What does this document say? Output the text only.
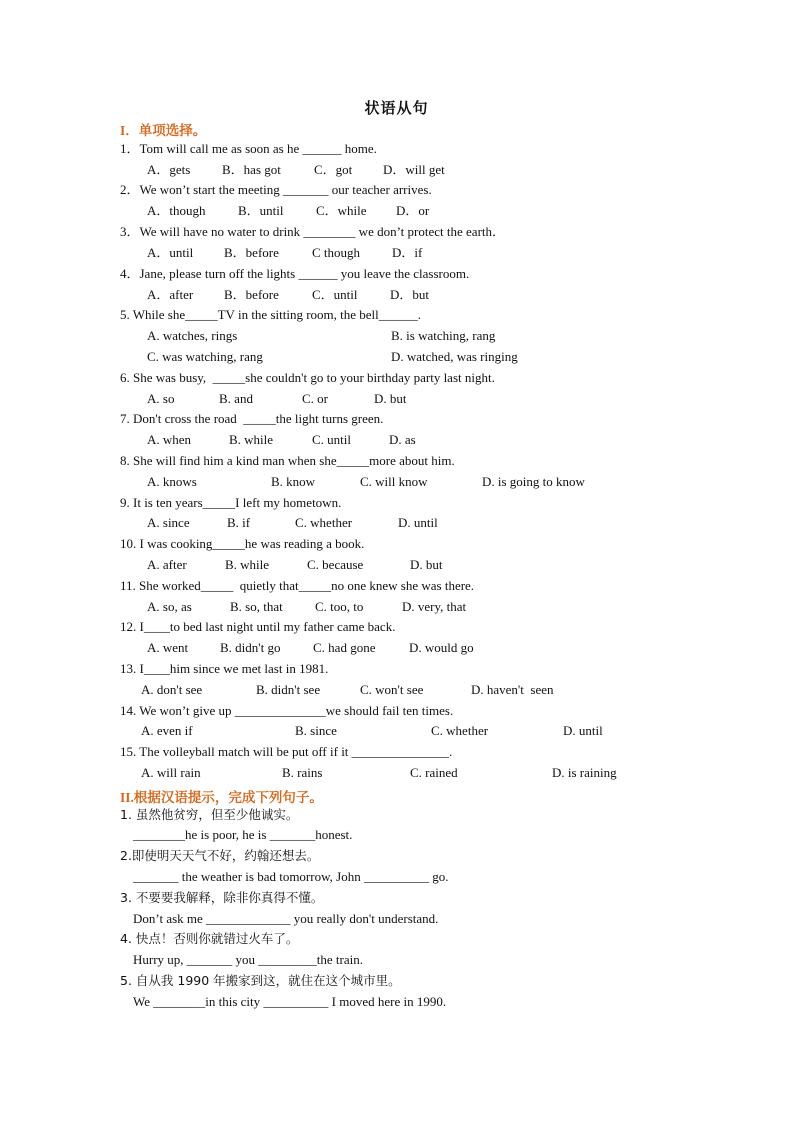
状语从句
I．单项选择。
1．Tom will call me as soon as he ______ home.
A．gets B．has got	C．got D．will get
2．We won’t start the meeting _______ our teacher arrives.
A．though B．until C．while D．or
3．We will have no water to drink ________ we don’t protect the earth．
A．until B．before	C though D．if
4．Jane, please turn off the lights ______ you leave the classroom.
A．after B．before	C．until D．but
5. While she_____TV in the sitting room, the bell______.
A. watches, rings	B. is watching, rang
C. was watching, rang	D. watched, was ringing
6. She was busy,  _____she couldn't go to your birthday party last night.
A. so	B. and	C. or	D. but
7. Don't cross the road  _____the light turns green.
A. when	B. while	C. until	D. as
8. She will find him a kind man when she_____more about him.
A. knows	B. know	C. will know	D. is going to know
9. It is ten years_____I left my hometown.
A. since	B. if	C. whether	D. until
10. I was cooking_____he was reading a book.
A. after	B. while	C. because	D. but
11. She worked_____  quietly that_____no one knew she was there.
A. so, as	B. so, that C. too, to	D. very, that
12. I____to bed last night until my father came back.
A. went B. didn't go	C. had gone	D. would go
13. I____him since we met last in 1981.
A. don't see	B. didn't see	C. won't see	D. haven't  seen
14. We won’t give up ______________we should fail ten times.
A. even if	B. since	C. whether	D. until
15. The volleyball match will be put off if it _______________.
A. will rain	B. rains	C. rained	D. is raining
II.根据汉语提示，完成下列句子。
1. 虽然他贫穷，但至少他诚实。
________he is poor, he is _______honest.
2.即使明天天气不好，约翰还想去。
_______ the weather is bad tomorrow, John __________ go.
3. 不要要我解释，除非你真得不懂。
Don’t ask me _____________ you really don't understand.
4. 快点！否则你就错过火车了。
Hurry up, _______ you _________the train.
5. 自从我 1990 年搬家到这，就住在这个城市里。
We ________in this city __________ I moved here in 1990.
